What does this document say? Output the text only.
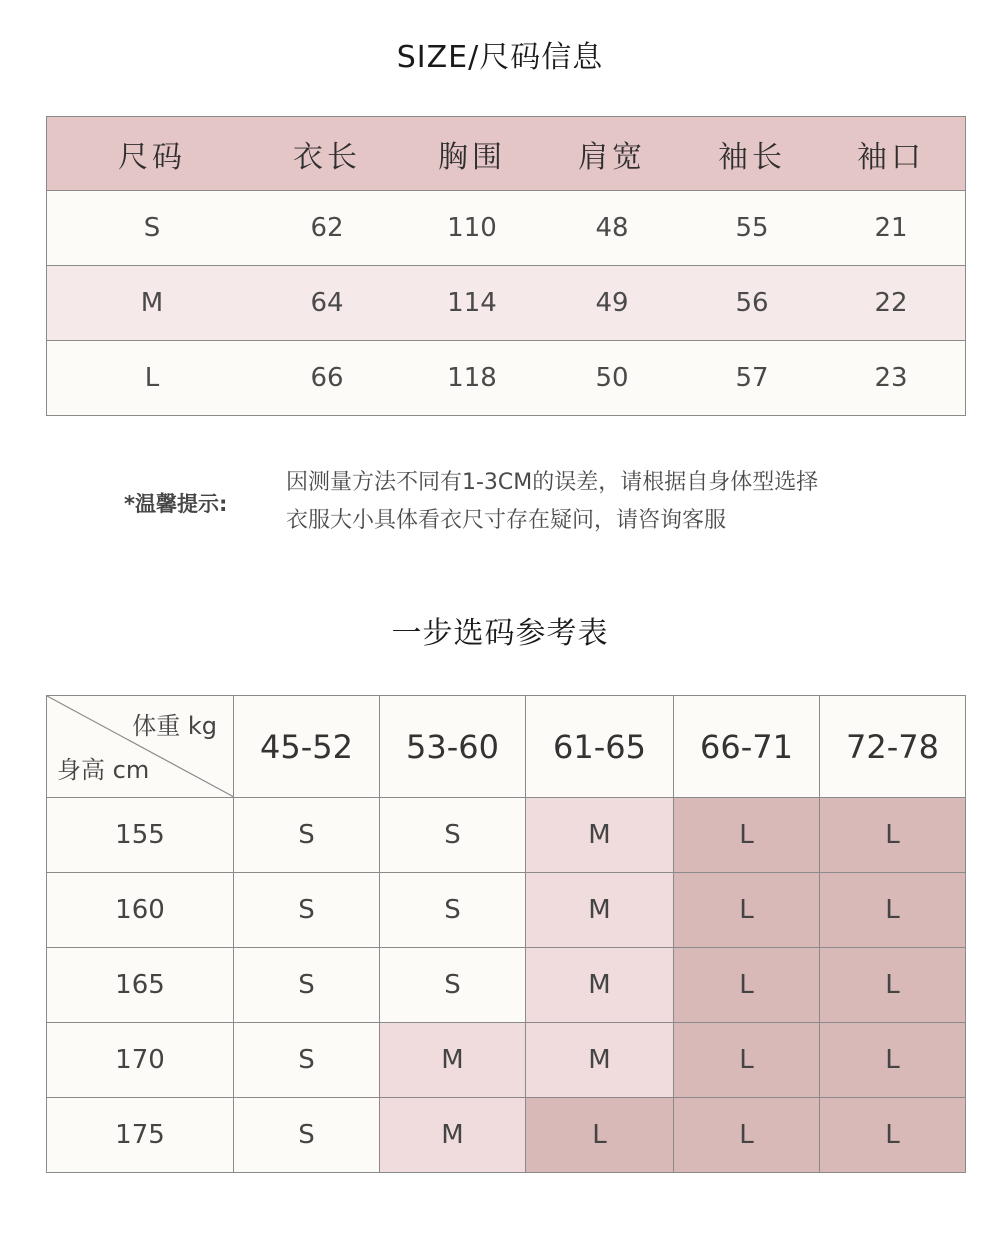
SIZE/尺码信息
尺码	衣长	胸围	肩宽	袖长	袖口
S	62	110	48	55	21
M	64	114	49	56	22
L	66	118	50	57	23
*温馨提示:
因测量方法不同有1-3CM的误差，请根据自身体型选择
衣服大小具体看衣尺寸存在疑问，请咨询客服
一步选码参考表
体重 kg
身高 cm	45-52	53-60	61-65	66-71	72-78
155	S	S	M	L	L
160	S	S	M	L	L
165	S	S	M	L	L
170	S	M	M	L	L
175	S	M	L	L	L
